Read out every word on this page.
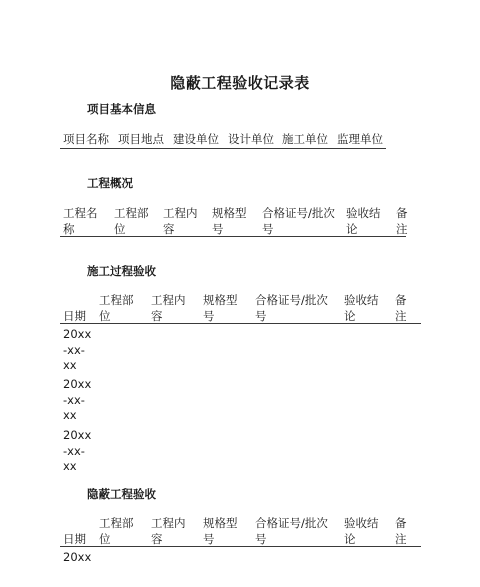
隐蔽工程验收记录表
项目基本信息
项目名称 项目地点 建设单位 设计单位 施工单位 监理单位
工程概况
工程名
称
工程部
位
工程内
容
规格型
号
合格证号/批次
号
验收结
论
备
注
施工过程验收

日期
工程部
位
工程内
容
规格型
号
合格证号/批次
号
验收结
论
备
注
20xx
-xx-
xx
20xx
-xx-
xx
20xx
-xx-
xx
隐蔽工程验收

日期
工程部
位
工程内
容
规格型
号
合格证号/批次
号
验收结
论
备
注
20xx
